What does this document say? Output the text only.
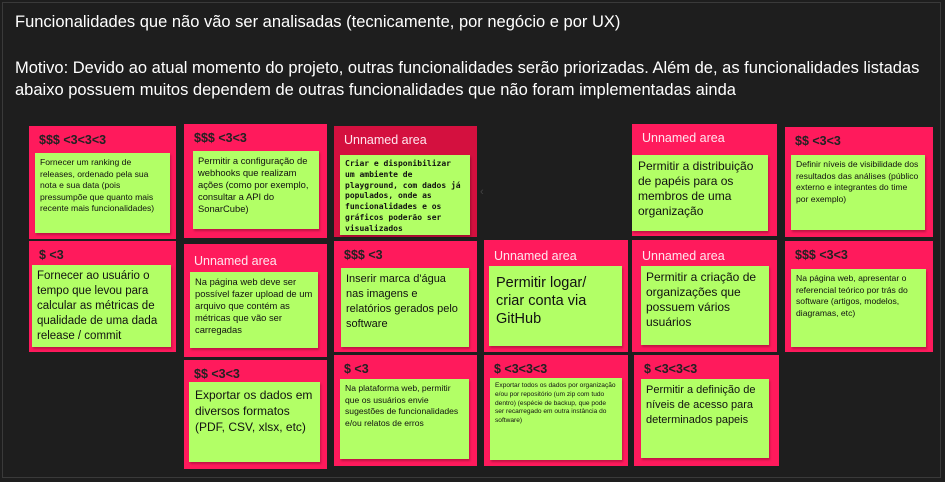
Funcionalidades que não vão ser analisadas (tecnicamente, por negócio e por UX)
Motivo: Devido ao atual momento do projeto, outras funcionalidades serão priorizadas. Além de, as funcionalidades listadas abaixo possuem muitos dependem de outras funcionalidades que não foram implementadas ainda
$$$ <3<3<3
Fornecer um ranking de releases, ordenado pela sua nota e sua data (pois pressumpõe que quanto mais recente mais funcionalidades)
$$$ <3<3
Permitir a configuração de webhooks que realizam ações (como por exemplo, consultar a API do SonarCube)
Unnamed area
Criar e disponibilizar um ambiente de playground, com dados já populados, onde as funcionalidades e os gráficos poderão ser visualizados
‹
Unnamed area
Permitir a distribuição de papéis para os membros de uma organização
$$ <3<3
Definir níveis de visibilidade dos resultados das análises (público externo e integrantes do time por exemplo)
$ <3
Fornecer ao usuário o tempo que levou para calcular as métricas de qualidade de uma dada release / commit
Unnamed area
Na página web deve ser possível fazer upload de um arquivo que contém as métricas que vão ser carregadas
$$$ <3
Inserir marca d'água nas imagens e relatórios gerados pelo software
Unnamed area
Permitir logar/ criar conta via GitHub
Unnamed area
Permitir a criação de organizações que possuem vários usuários
$$$ <3<3
Na página web, apresentar o referencial teórico por trás do software (artigos, modelos, diagramas, etc)
$$ <3<3
Exportar os dados em diversos formatos (PDF, CSV, xlsx, etc)
$ <3
Na plataforma web, permitir que os usuários envie sugestões de funcionalidades e/ou relatos de erros
$ <3<3<3
Exportar todos os dados por organização e/ou por repositório (um zip com tudo dentro) (espécie de backup, que pode ser recarregado em outra instância do software)
$ <3<3<3
Permitir a definição de níveis de acesso para determinados papeis
